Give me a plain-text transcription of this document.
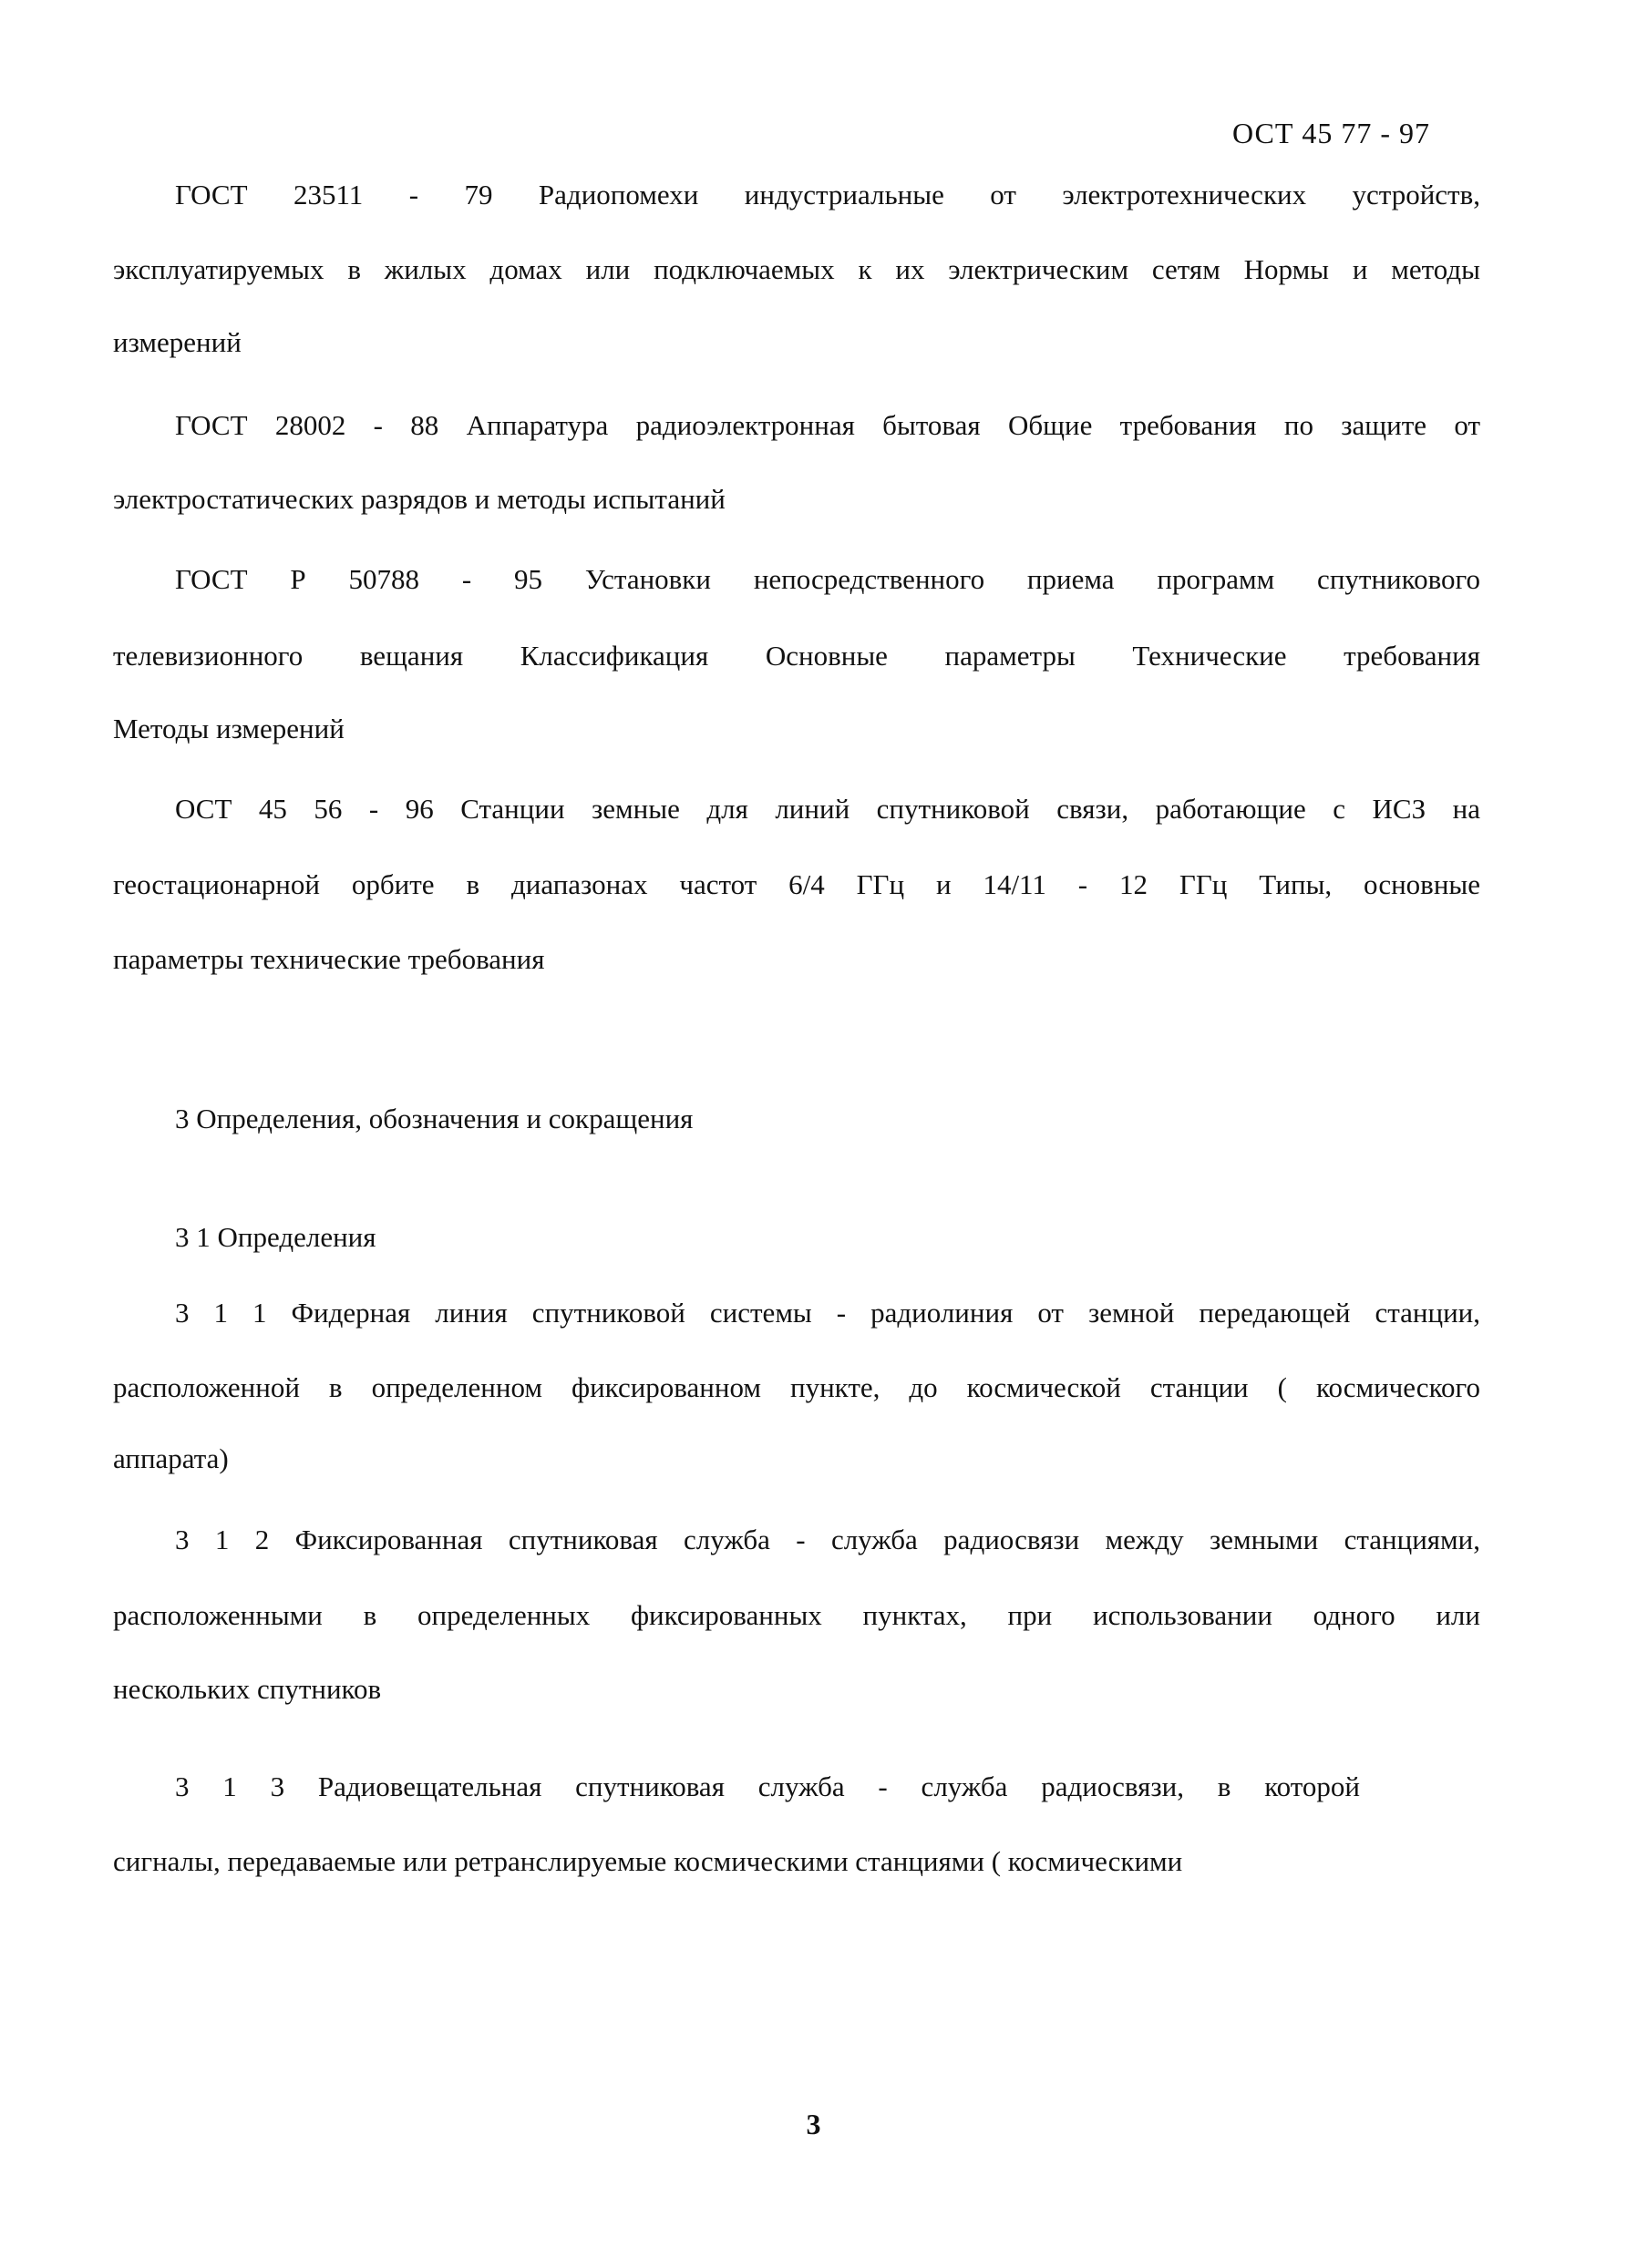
ОСТ 45 77 - 97
ГОСТ 23511 - 79 Радиопомехи индустриальные от электротехнических устройств,
эксплуатируемых в жилых домах или подключаемых к их электрическим сетям Нормы и методы
измерений
ГОСТ 28002 - 88 Аппаратура радиоэлектронная бытовая Общие требования по защите от
электростатических разрядов и методы испытаний
ГОСТ Р 50788 - 95 Установки непосредственного приема программ спутникового
телевизионного вещания Классификация Основные параметры Технические требования
Методы измерений
ОСТ 45 56 - 96 Станции земные для линий спутниковой связи, работающие с ИСЗ на
геостационарной орбите в диапазонах частот 6/4 ГГц и 14/11 - 12 ГГц Типы, основные
параметры технические требования
3 Определения, обозначения и сокращения
3 1 Определения
3 1 1 Фидерная линия спутниковой системы - радиолиния от земной передающей станции,
расположенной в определенном фиксированном пункте, до космической станции ( космического
аппарата)
3 1 2 Фиксированная спутниковая служба - служба радиосвязи между земными станциями,
расположенными в определенных фиксированных пунктах, при использовании одного или
нескольких спутников
3 1 3 Радиовещательная спутниковая служба - служба радиосвязи, в которой
сигналы, передаваемые или ретранслируемые космическими станциями ( космическими
3
